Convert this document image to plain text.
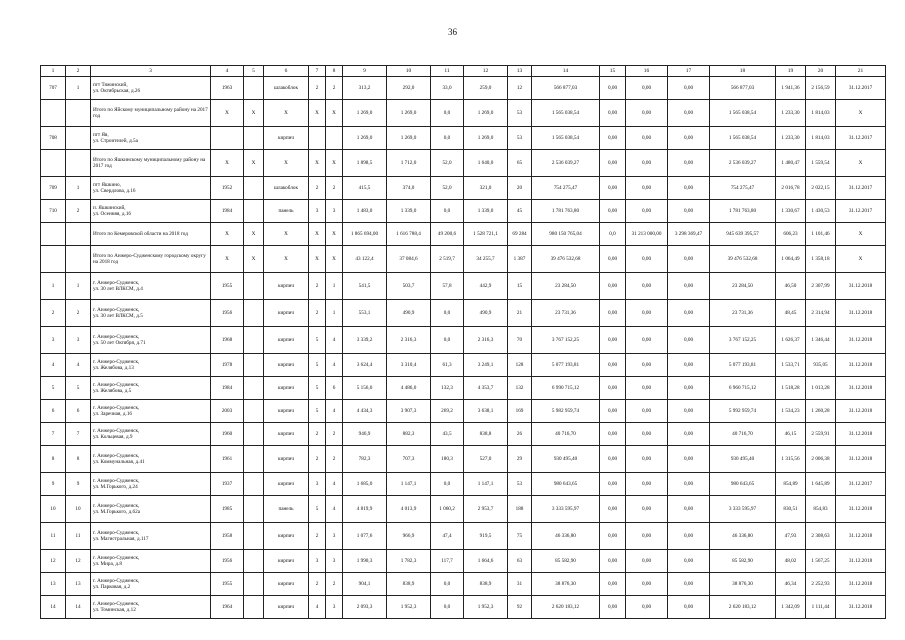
36
1	2	3	4	5	6	7	8	9	10	11	12	13	14	15	16	17	18	19	20	21
707	1	пгт Тяжинский,
ул. Октябрьская, д.26	1963		шлакоблок	2	2	313,2	292,0	33,0	259,0	12	566 877,03	0,00	0,00	0,00	566 877,03	1 941,36	2 156,59	31.12.2017
		Итого по Яйскому муниципальному району на 2017 год	X	X	X	X	X	1 269,0	1 269,0	0,0	1 269,0	53	1 565 038,54	0,00	0,00	0,00	1 565 038,54	1 233,30	1 814,03	X
708		пгт Яя,
ул. Строителей, д.5а			кирпич			1 269,0	1 269,0	0,0	1 269,0	53	1 565 038,54	0,00	0,00	0,00	1 565 038,54	1 233,30	1 814,03	31.12.2017
		Итого по Яшкинскому муниципальному району на 2017 год	X	X	X	X	X	1 898,5	1 712,0	52,0	1 640,0	65	2 536 039,27	0,00	0,00	0,00	2 536 039,27	1 480,47	1 559,54	X
709	1	пгт Яшкино,
ул. Свердлова, д.16	1952		шлакоблок	2	2	415,5	374,0	52,0	321,0	20	754 275,47	0,00	0,00	0,00	754 275,47	2 016,78	2 022,15	31.12.2017
710	2	п. Яшкинский,
ул. Осенняя, д.16	1984		панель	3	3	1 483,0	1 339,0	0,0	1 339,0	45	1 781 763,80	0,00	0,00	0,00	1 781 763,80	1 330,67	1 430,53	31.12.2017
		Итого по Кемеровской области на 2018 год	X	X	X	X	X	1 865 694,00	1 616 788,4	49 200,6	1 528 721,1	69 284	980 150 765,04	0,0	31 213 000,00	3 298 369,47	945 639 395,57	606,23	1 101,46	X
		Итого по Анжеро-Судженскому городскому округу на 2018 год	X	X	X	X	X	43 122,4	37 084,6	2 519,7	34 255,7	1 387	39 476 532,68	0,00	0,00	0,00	39 476 532,68	1 064,49	1 358,18	X
1	1	г. Анжеро-Судженск,
ул. 30 лет ВЛКСМ, д.4	1955		кирпич	2	1	541,5	503,7	57,8	442,9	15	23 284,50	0,00	0,00	0,00	23 284,50	46,50	2 307,99	31.12.2018
2	2	г. Анжеро-Судженск,
ул. 30 лет ВЛКСМ, д.5	1956		кирпич	2	1	553,1	490,9	0,0	490,9	21	23 731,36	0,00	0,00	0,00	23 731,36	48,45	2 314,94	31.12.2018
3	3	г. Анжеро-Судженск,
ул. 50 лет Октября, д.71	1968		кирпич	5	4	3 339,2	2 316,3	0,0	2 316,3	70	3 767 152,25	0,00	0,00	0,00	3 767 152,25	1 626,37	1 346,44	31.12.2018
4	4	г. Анжеро-Судженск,
ул. Желябова, д.13	1978		кирпич	5	4	3 624,4	3 310,4	61,3	3 249,1	128	5 077 193,81	0,00	0,00	0,00	5 077 193,81	1 533,71	935,05	31.12.2018
5	5	г. Анжеро-Судженск,
ул. Желябова, д.5	1984		кирпич	5	6	5 156,0	4 486,0	132,3	4 353,7	132	6 990 715,12	0,00	0,00	0,00	6 960 715,12	1 518,28	1 013,28	31.12.2018
6	6	г. Анжеро-Судженск,
ул. Заречная, д.16	2003		кирпич	5	4	4 434,3	3 907,3	269,2	3 638,1	169	5 982 959,74	0,00	0,00	0,00	5 992 959,74	1 534,23	1 260,28	31.12.2018
7	7	г. Анжеро-Судженск,
ул. Кольцевая, д.9	1960		кирпич	2	2	946,9	882,3	43,5	838,8	26	40 716,70	0,00	0,00	0,00	40 716,70	46,15	2 559,91	31.12.2018
8	8	г. Анжеро-Судженск,
ул. Коммунальная, д.41	1961		кирпич	2	2	782,3	707,3	180,3	527,0	29	930 495,40	0,00	0,00	0,00	930 495,40	1 315,56	2 006,38	31.12.2018
9	9	г. Анжеро-Судженск,
ул. М.Горького, д.24	1937		кирпич	3	4	1 685,0	1 147,1	0,0	1 147,1	53	980 643,65	0,00	0,00	0,00	980 643,65	854,89	1 645,89	31.12.2017
10	10	г. Анжеро-Судженск,
ул. М.Горького, д.62а	1985		панель	5	4	4 819,9	4 013,9	1 060,2	2 953,7	188	3 333 595,97	0,00	0,00	0,00	3 333 595,97	830,51	854,83	31.12.2018
11	11	г. Анжеро-Судженск,
ул. Магистральная, д.117	1958		кирпич	2	3	1 077,6	966,9	47,4	919,5	75	46 336,80	0,00	0,00	0,00	46 336,80	47,93	2 308,63	31.12.2018
12	12	г. Анжеро-Судженск,
ул. Мира, д.8	1956		кирпич	3	3	1 990,3	1 782,3	117,7	1 664,6	63	85 582,90	0,00	0,00	0,00	85 582,90	48,02	1 567,25	31.12.2018
13	13	г. Анжеро-Судженск,
ул. Парковая, д.2	1955		кирпич	2	2	904,1	838,9	0,0	838,9	31	38 876,30	0,00	0,00	0,00	38 876,30	46,34	2 252,93	31.12.2018
14	14	г. Анжеро-Судженск,
ул. Томинская, д.12	1964		кирпич	4	3	2 093,3	1 952,3	0,0	1 952,3	92	2 620 183,12	0,00	0,00	0,00	2 620 183,12	1 342,09	1 111,44	31.12.2018
